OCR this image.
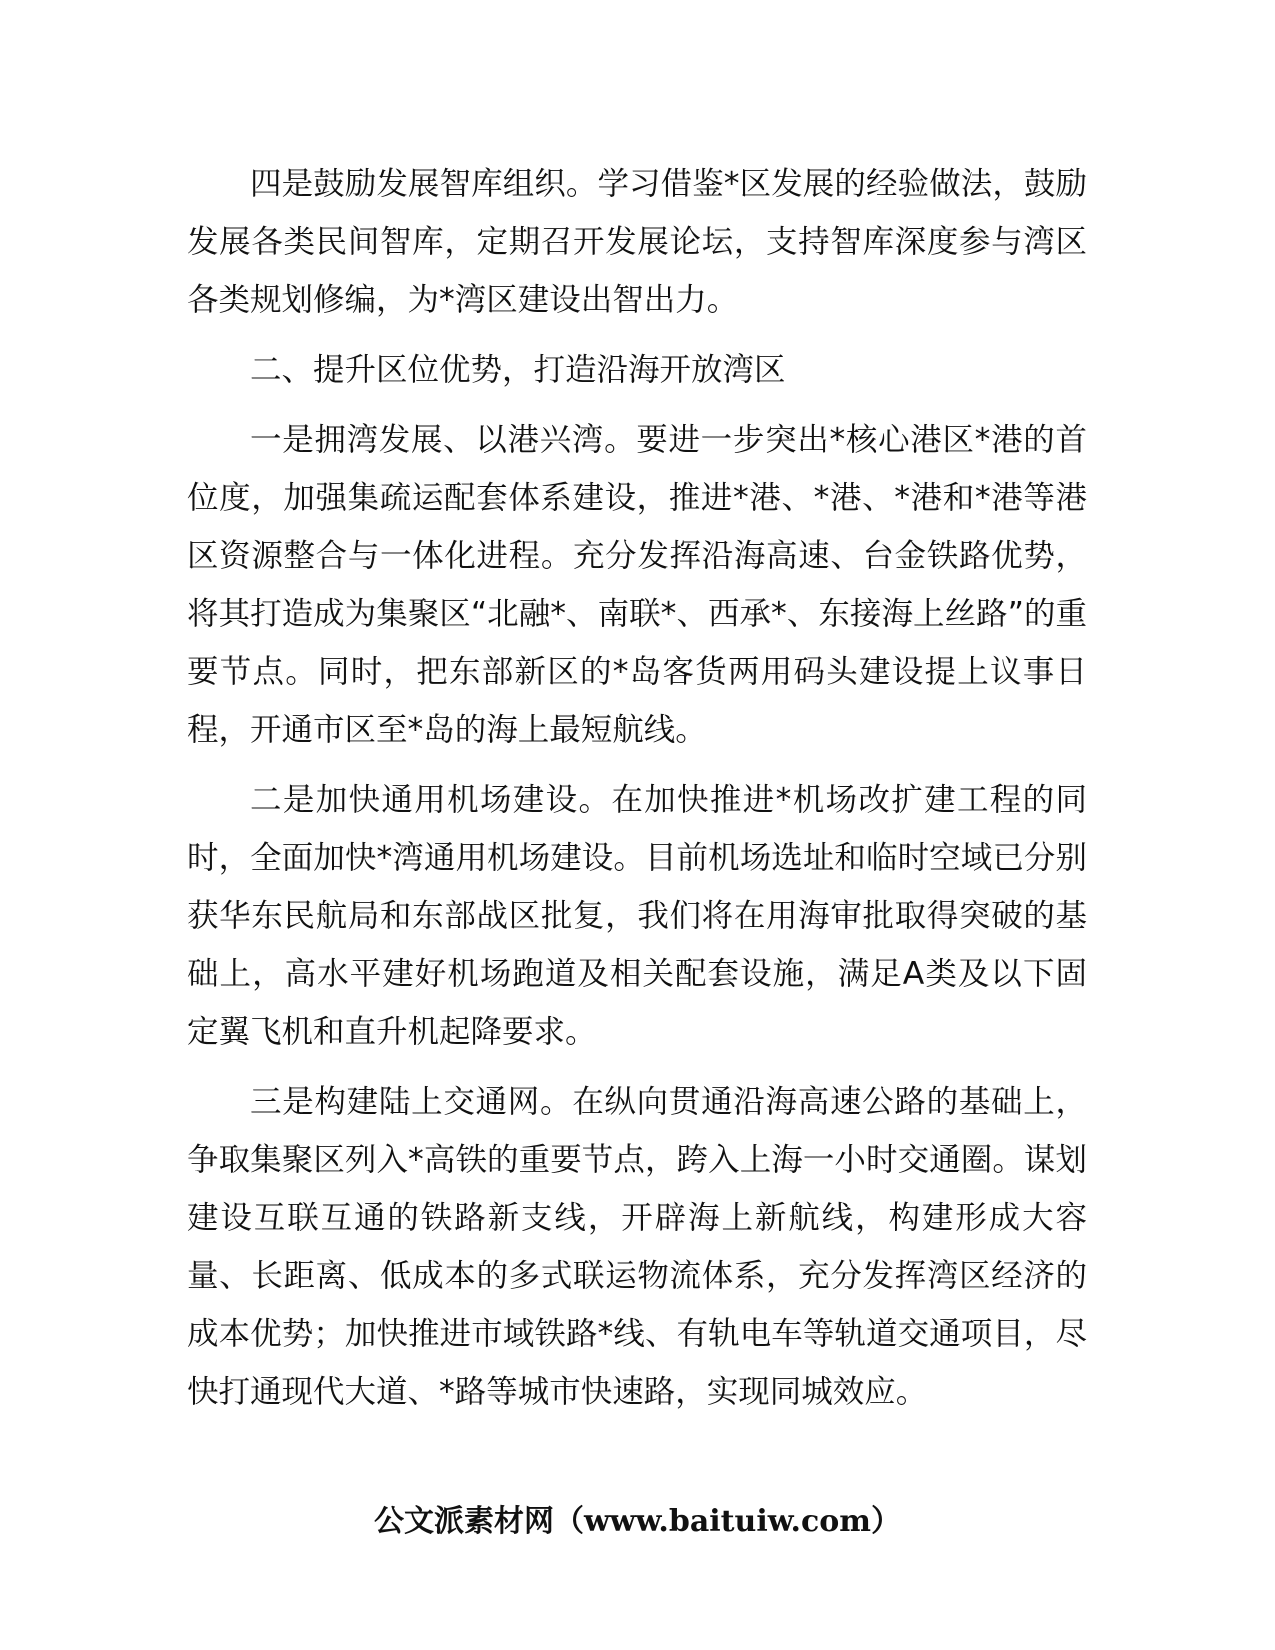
四是鼓励发展智库组织。学习借鉴*区发展的经验做法，鼓励发展各类民间智库，定期召开发展论坛，支持智库深度参与湾区各类规划修编，为*湾区建设出智出力。

二、提升区位优势，打造沿海开放湾区

一是拥湾发展、以港兴湾。要进一步突出*核心港区*港的首位度，加强集疏运配套体系建设，推进*港、*港、*港和*港等港区资源整合与一体化进程。充分发挥沿海高速、台金铁路优势，将其打造成为集聚区“北融*、南联*、西承*、东接海上丝路”的重要节点。同时，把东部新区的*岛客货两用码头建设提上议事日程，开通市区至*岛的海上最短航线。

二是加快通用机场建设。在加快推进*机场改扩建工程的同时，全面加快*湾通用机场建设。目前机场选址和临时空域已分别获华东民航局和东部战区批复，我们将在用海审批取得突破的基础上，高水平建好机场跑道及相关配套设施，满足A类及以下固定翼飞机和直升机起降要求。

三是构建陆上交通网。在纵向贯通沿海高速公路的基础上，争取集聚区列入*高铁的重要节点，跨入上海一小时交通圈。谋划建设互联互通的铁路新支线，开辟海上新航线，构建形成大容量、长距离、低成本的多式联运物流体系，充分发挥湾区经济的成本优势；加快推进市域铁路*线、有轨电车等轨道交通项目，尽快打通现代大道、*路等城市快速路，实现同城效应。

公文派素材网（www.baituiw.com）
